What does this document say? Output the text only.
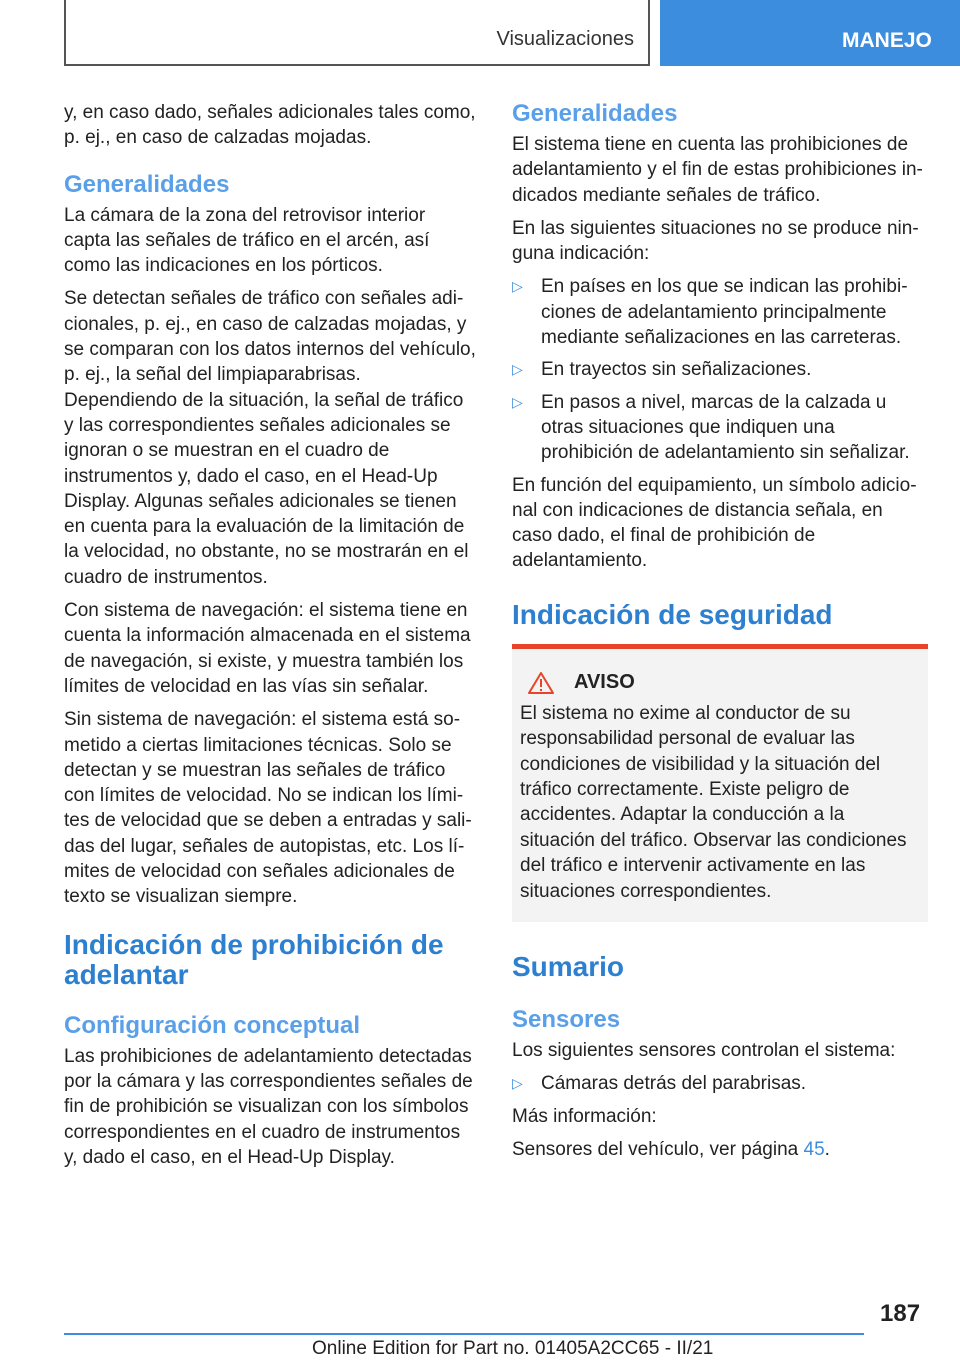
Visualizaciones	MANEJO

y, en caso dado, señales adicionales tales como, p. ej., en caso de calzadas mojadas.

Generalidades

La cámara de la zona del retrovisor interior capta las señales de tráfico en el arcén, así como las indicaciones en los pórticos.

Se detectan señales de tráfico con señales adicionales, p. ej., en caso de calzadas mojadas, y se comparan con los datos internos del vehículo, p. ej., la señal del limpiaparabrisas. Dependiendo de la situación, la señal de tráfico y las correspondientes señales adicionales se ignoran o se muestran en el cuadro de instrumentos y, dado el caso, en el Head-Up Display. Algunas señales adicionales se tienen en cuenta para la evaluación de la limitación de la velocidad, no obstante, no se mostrarán en el cuadro de instrumentos.

Con sistema de navegación: el sistema tiene en cuenta la información almacenada en el sistema de navegación, si existe, y muestra también los límites de velocidad en las vías sin señalar.

Sin sistema de navegación: el sistema está sometido a ciertas limitaciones técnicas. Solo se detectan y se muestran las señales de tráfico con límites de velocidad. No se indican los límites de velocidad que se deben a entradas y salidas del lugar, señales de autopistas, etc. Los límites de velocidad con señales adicionales de texto se visualizan siempre.

Indicación de prohibición de adelantar
Configuración conceptual

Las prohibiciones de adelantamiento detectadas por la cámara y las correspondientes señales de fin de prohibición se visualizan con los símbolos correspondientes en el cuadro de instrumentos y, dado el caso, en el Head-Up Display.

Generalidades

El sistema tiene en cuenta las prohibiciones de adelantamiento y el fin de estas prohibiciones indicados mediante señales de tráfico.

En las siguientes situaciones no se produce ninguna indicación:

▷ En países en los que se indican las prohibiciones de adelantamiento principalmente mediante señalizaciones en las carreteras.
▷ En trayectos sin señalizaciones.
▷ En pasos a nivel, marcas de la calzada u otras situaciones que indiquen una prohibición de adelantamiento sin señalizar.

En función del equipamiento, un símbolo adicional con indicaciones de distancia señala, en caso dado, el final de prohibición de adelantamiento.

Indicación de seguridad
AVISO

El sistema no exime al conductor de su responsabilidad personal de evaluar las condiciones de visibilidad y la situación del tráfico correctamente. Existe peligro de accidentes. Adaptar la conducción a la situación del tráfico. Observar las condiciones del tráfico e intervenir activamente en las situaciones correspondientes.

Sumario
Sensores

Los siguientes sensores controlan el sistema:

▷ Cámaras detrás del parabrisas.

Más información:

Sensores del vehículo, ver página 45.

187
Online Edition for Part no. 01405A2CC65 - II/21
